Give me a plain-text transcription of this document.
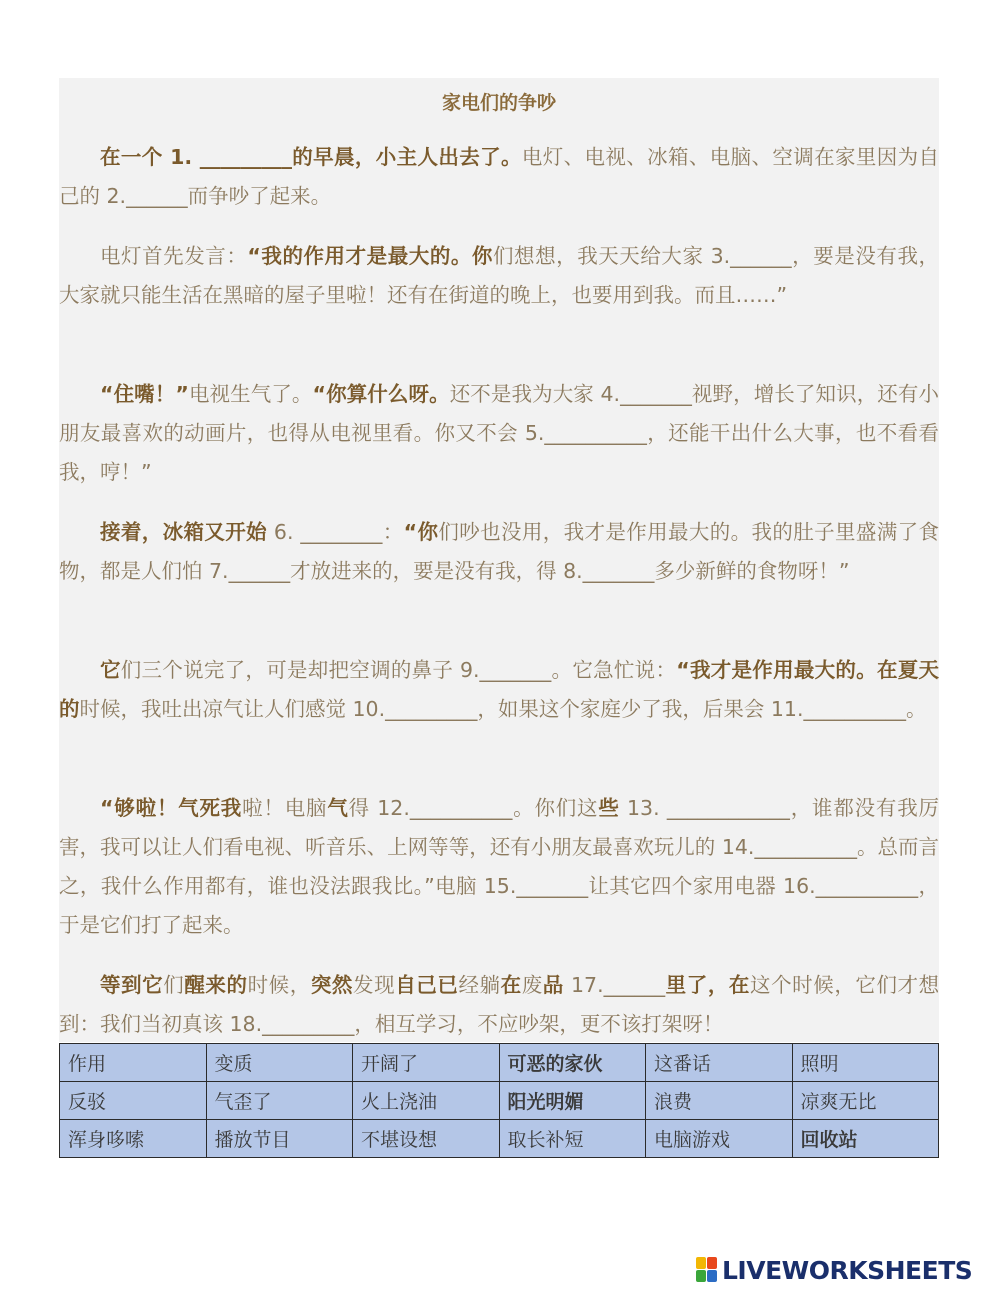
家电们的争吵

在一个 1. _________的早晨，小主人出去了。电灯、电视、冰箱、电脑、空调在家里因为自己的 2.______而争吵了起来。

电灯首先发言：“我的作用才是最大的。你们想想，我天天给大家 3.______，要是没有我，大家就只能生活在黑暗的屋子里啦！还有在街道的晚上，也要用到我。而且……”

“住嘴！”电视生气了。“你算什么呀。还不是我为大家 4._______视野，增长了知识，还有小朋友最喜欢的动画片，也得从电视里看。你又不会 5.__________，还能干出什么大事，也不看看我，哼！”

接着，冰箱又开始 6. ________：“你们吵也没用，我才是作用最大的。我的肚子里盛满了食物，都是人们怕 7.______才放进来的，要是没有我，得 8._______多少新鲜的食物呀！”

它们三个说完了，可是却把空调的鼻子 9._______。它急忙说：“我才是作用最大的。在夏天的时候，我吐出凉气让人们感觉 10._________，如果这个家庭少了我，后果会 11.__________。

“够啦！气死我啦！电脑气得 12.__________。你们这些 13. ____________，谁都没有我厉害，我可以让人们看电视、听音乐、上网等等，还有小朋友最喜欢玩儿的 14.__________。总而言之，我什么作用都有，谁也没法跟我比。”电脑 15._______让其它四个家用电器 16.__________，于是它们打了起来。

等到它们醒来的时候，突然发现自己已经躺在废品 17.______里了，在这个时候，它们才想到：我们当初真该 18._________，相互学习，不应吵架，更不该打架呀！

作用	变质	开阔了	可恶的家伙	这番话	照明
反驳	气歪了	火上浇油	阳光明媚	浪费	凉爽无比
浑身哆嗦	播放节目	不堪设想	取长补短	电脑游戏	回收站
LIVEWORKSHEETS
